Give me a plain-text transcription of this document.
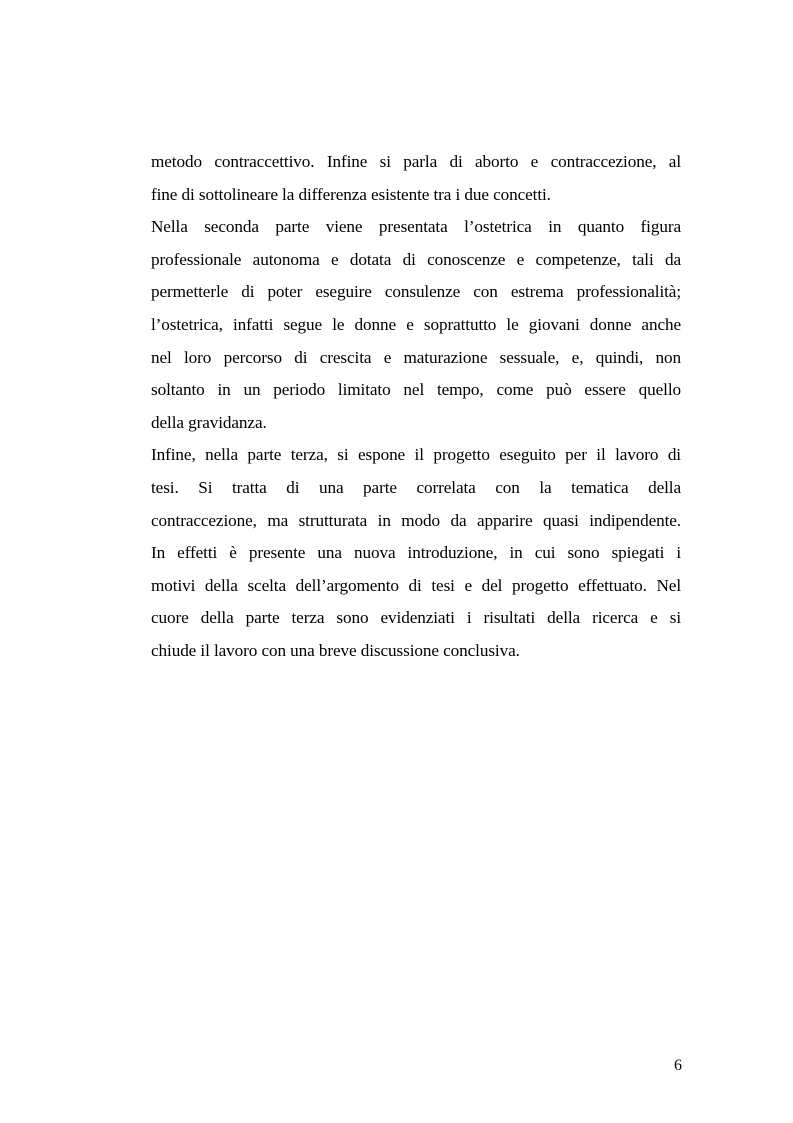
metodo contraccettivo. Infine si parla di aborto e contraccezione, al
fine di sottolineare la differenza esistente tra i due concetti.

Nella seconda parte viene presentata l’ostetrica in quanto figura
professionale autonoma e dotata di conoscenze e competenze, tali da
permetterle di poter eseguire consulenze con estrema professionalità;
l’ostetrica, infatti segue le donne e soprattutto le giovani donne anche
nel loro percorso di crescita e maturazione sessuale, e, quindi, non
soltanto in un periodo limitato nel tempo, come può essere quello
della gravidanza.

Infine, nella parte terza, si espone il progetto eseguito per il lavoro di
tesi. Si tratta di una parte correlata con la tematica della
contraccezione, ma strutturata in modo da apparire quasi indipendente.
In effetti è presente una nuova introduzione, in cui sono spiegati i
motivi della scelta dell’argomento di tesi e del progetto effettuato. Nel
cuore della parte terza sono evidenziati i risultati della ricerca e si
chiude il lavoro con una breve discussione conclusiva.

6
